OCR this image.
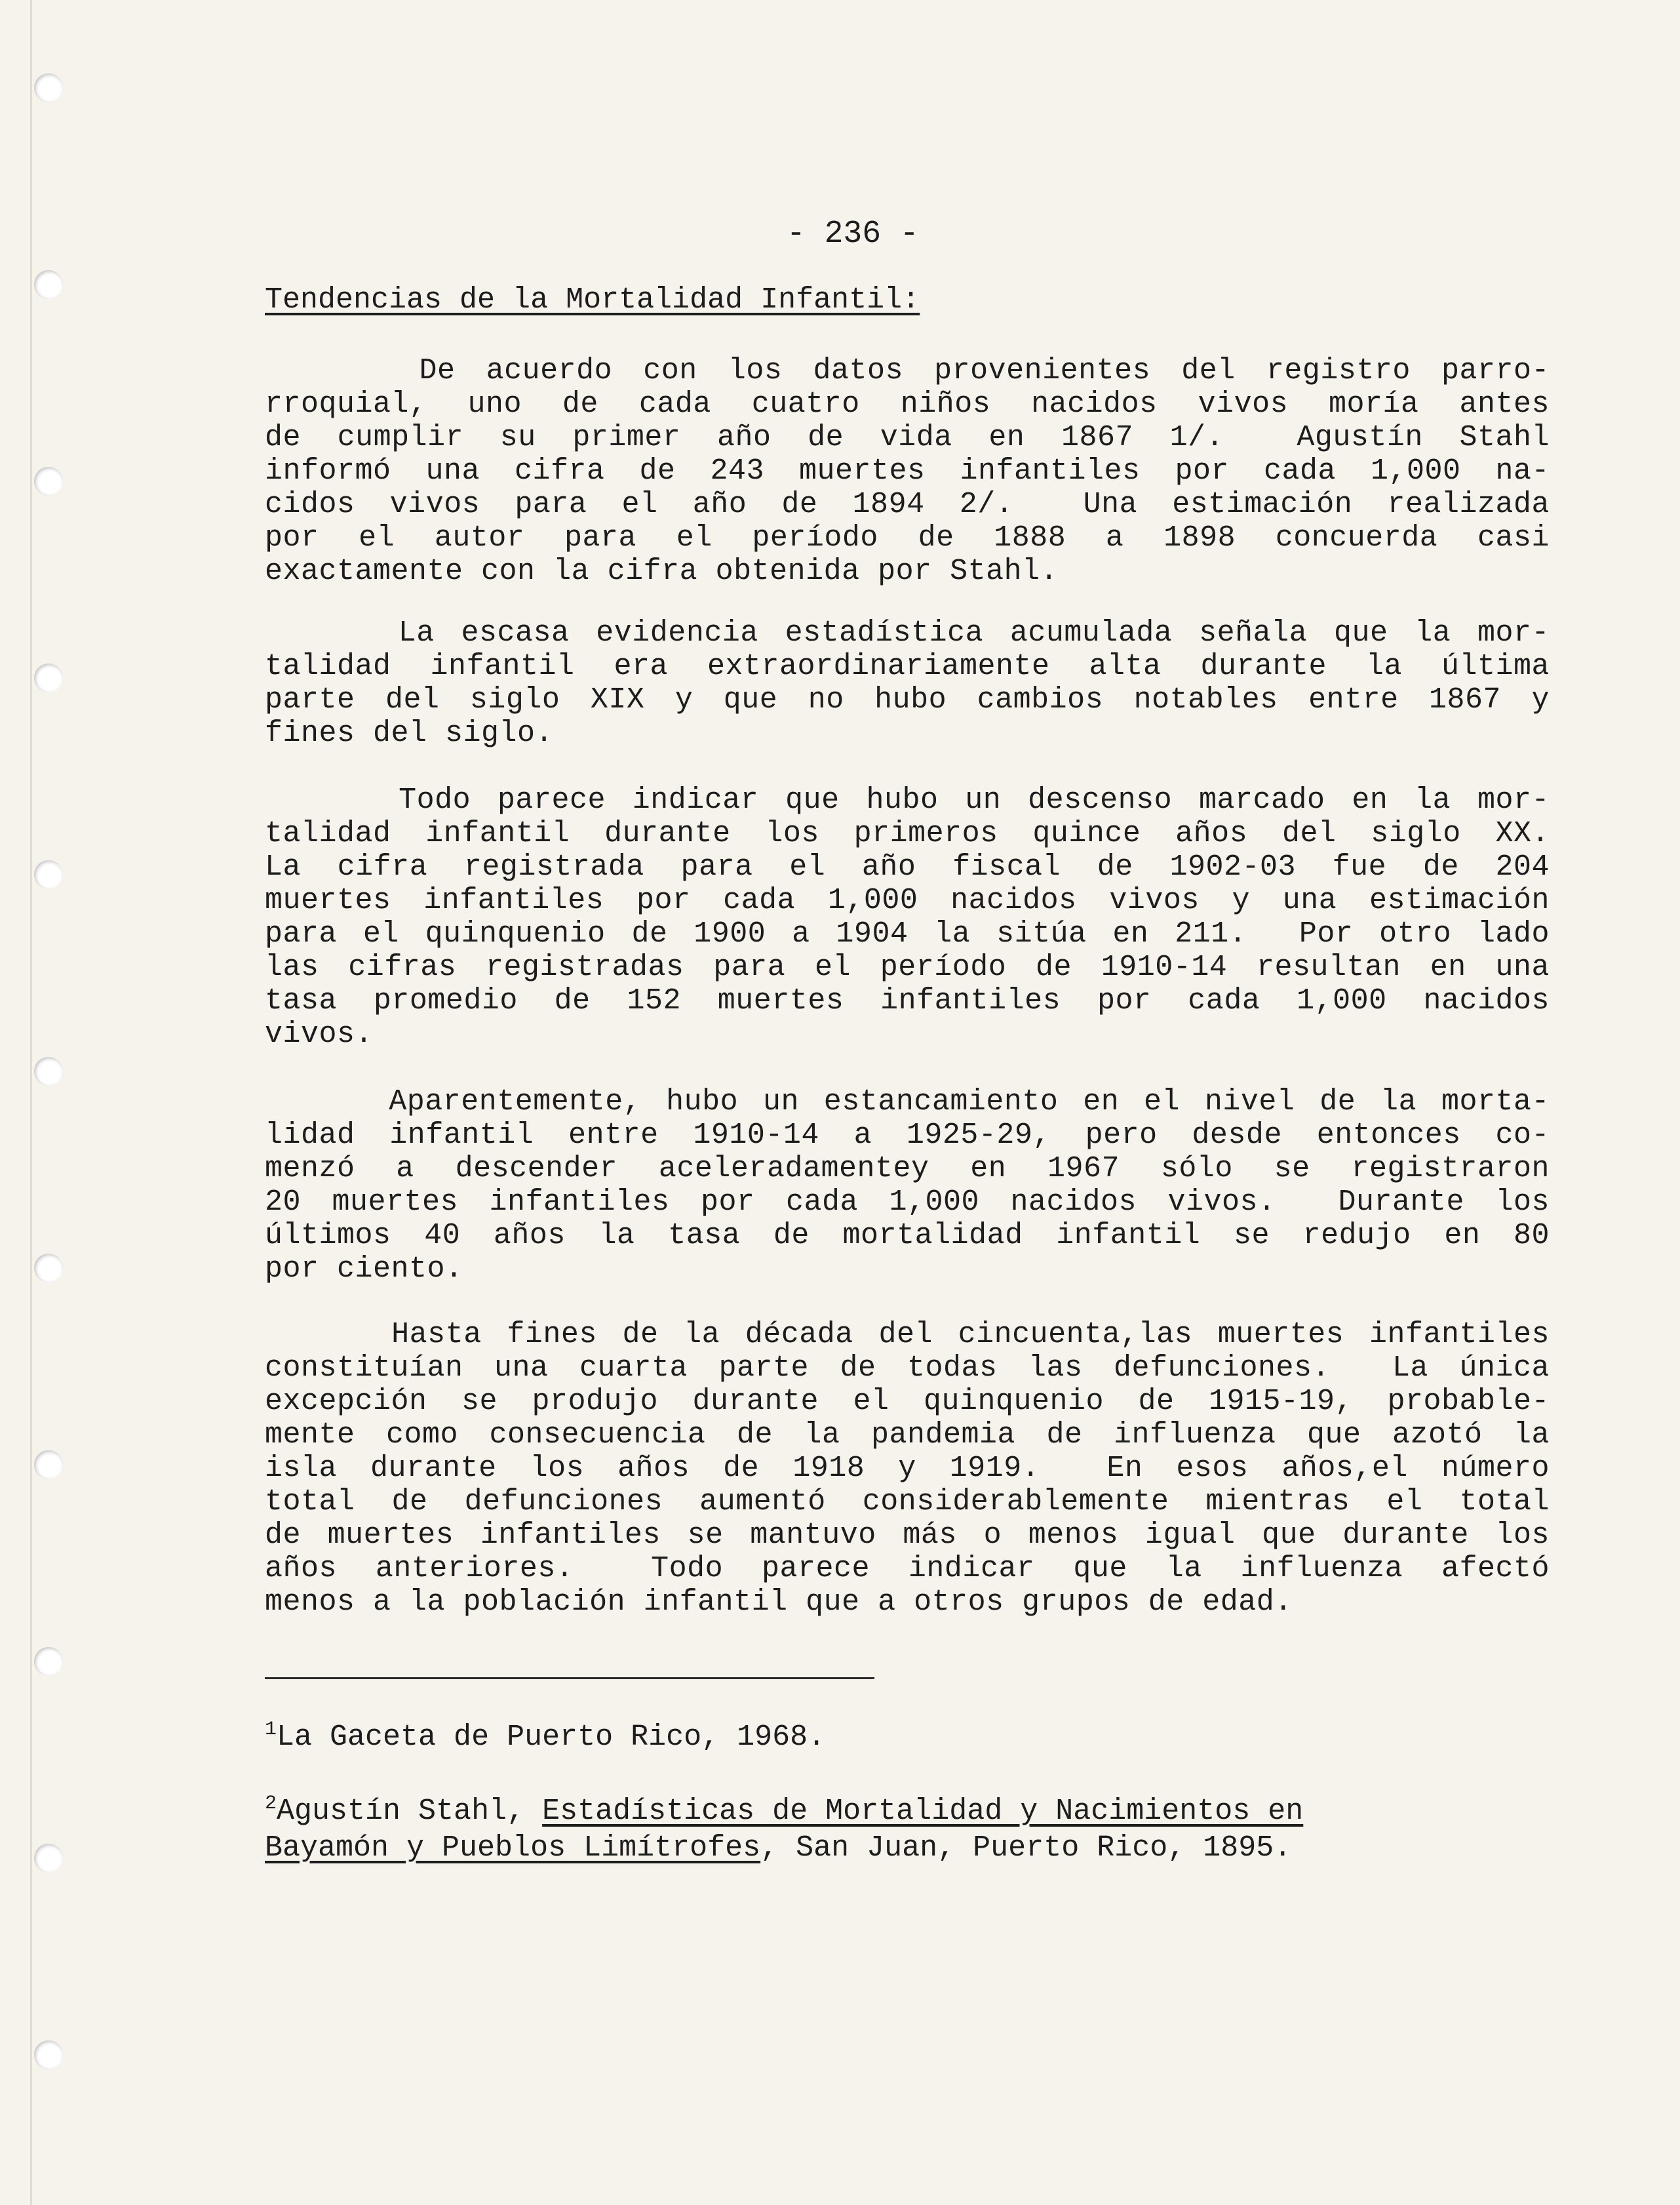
- 236 -
Tendencias de la Mortalidad Infantil:
De acuerdo con los datos provenientes del registro parro-
rroquial, uno de cada cuatro niños nacidos vivos moría antes
de cumplir su primer año de vida en 1867 1/.  Agustín Stahl
informó una cifra de 243 muertes infantiles por cada 1,000 na-
cidos vivos para el año de 1894 2/.  Una estimación realizada
por el autor para el período de 1888 a 1898 concuerda casi
exactamente con la cifra obtenida por Stahl.
La escasa evidencia estadística acumulada señala que la mor-
talidad infantil era extraordinariamente alta durante la última
parte del siglo XIX y que no hubo cambios notables entre 1867 y
fines del siglo.
Todo parece indicar que hubo un descenso marcado en la mor-
talidad infantil durante los primeros quince años del siglo XX.
La cifra registrada para el año fiscal de 1902-03 fue de 204
muertes infantiles por cada 1,000 nacidos vivos y una estimación
para el quinquenio de 1900 a 1904 la sitúa en 211.  Por otro lado
las cifras registradas para el período de 1910-14 resultan en una
tasa promedio de 152 muertes infantiles por cada 1,000 nacidos
vivos.
Aparentemente, hubo un estancamiento en el nivel de la morta-
lidad infantil entre 1910-14 a 1925-29, pero desde entonces co-
menzó a descender aceleradamentey en 1967 sólo se registraron
20 muertes infantiles por cada 1,000 nacidos vivos.  Durante los
últimos 40 años la tasa de mortalidad infantil se redujo en 80
por ciento.
Hasta fines de la década del cincuenta,las muertes infantiles
constituían una cuarta parte de todas las defunciones.  La única
excepción se produjo durante el quinquenio de 1915-19, probable-
mente como consecuencia de la pandemia de influenza que azotó la
isla durante los años de 1918 y 1919.  En esos años,el número
total de defunciones aumentó considerablemente mientras el total
de muertes infantiles se mantuvo más o menos igual que durante los
años anteriores.  Todo parece indicar que la influenza afectó
menos a la población infantil que a otros grupos de edad.
$^1$La Gaceta de Puerto Rico, 1968.
$^2$Agustín Stahl, Estadísticas de Mortalidad y Nacimientos en
Bayamón y Pueblos Limítrofes, San Juan, Puerto Rico, 1895.
